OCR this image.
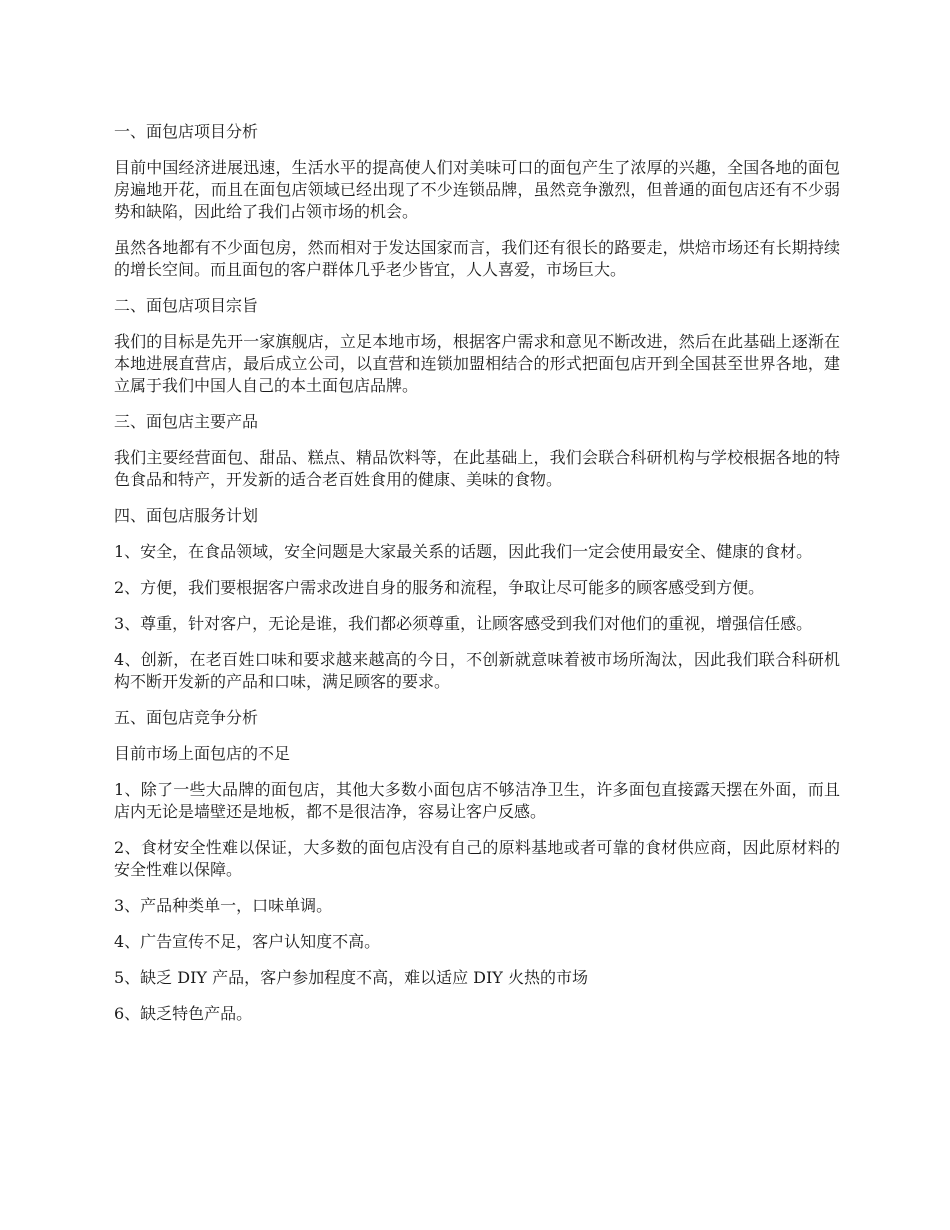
一、面包店项目分析

目前中国经济进展迅速，生活水平的提高使人们对美味可口的面包产生了浓厚的兴趣，全国各地的面包房遍地开花，而且在面包店领域已经出现了不少连锁品牌，虽然竞争激烈，但普通的面包店还有不少弱势和缺陷，因此给了我们占领市场的机会。

虽然各地都有不少面包房，然而相对于发达国家而言，我们还有很长的路要走，烘焙市场还有长期持续的增长空间。而且面包的客户群体几乎老少皆宜，人人喜爱，市场巨大。

二、面包店项目宗旨

我们的目标是先开一家旗舰店，立足本地市场，根据客户需求和意见不断改进，然后在此基础上逐渐在本地进展直营店，最后成立公司，以直营和连锁加盟相结合的形式把面包店开到全国甚至世界各地，建立属于我们中国人自己的本土面包店品牌。

三、面包店主要产品

我们主要经营面包、甜品、糕点、精品饮料等，在此基础上，我们会联合科研机构与学校根据各地的特色食品和特产，开发新的适合老百姓食用的健康、美味的食物。

四、面包店服务计划

1、安全，在食品领域，安全问题是大家最关系的话题，因此我们一定会使用最安全、健康的食材。

2、方便，我们要根据客户需求改进自身的服务和流程，争取让尽可能多的顾客感受到方便。

3、尊重，针对客户，无论是谁，我们都必须尊重，让顾客感受到我们对他们的重视，增强信任感。

4、创新，在老百姓口味和要求越来越高的今日，不创新就意味着被市场所淘汰，因此我们联合科研机构不断开发新的产品和口味，满足顾客的要求。

五、面包店竞争分析

目前市场上面包店的不足

1、除了一些大品牌的面包店，其他大多数小面包店不够洁净卫生，许多面包直接露天摆在外面，而且店内无论是墙壁还是地板，都不是很洁净，容易让客户反感。

2、食材安全性难以保证，大多数的面包店没有自己的原料基地或者可靠的食材供应商，因此原材料的安全性难以保障。

3、产品种类单一，口味单调。

4、广告宣传不足，客户认知度不高。

5、缺乏 DIY 产品，客户参加程度不高，难以适应 DIY 火热的市场

6、缺乏特色产品。
